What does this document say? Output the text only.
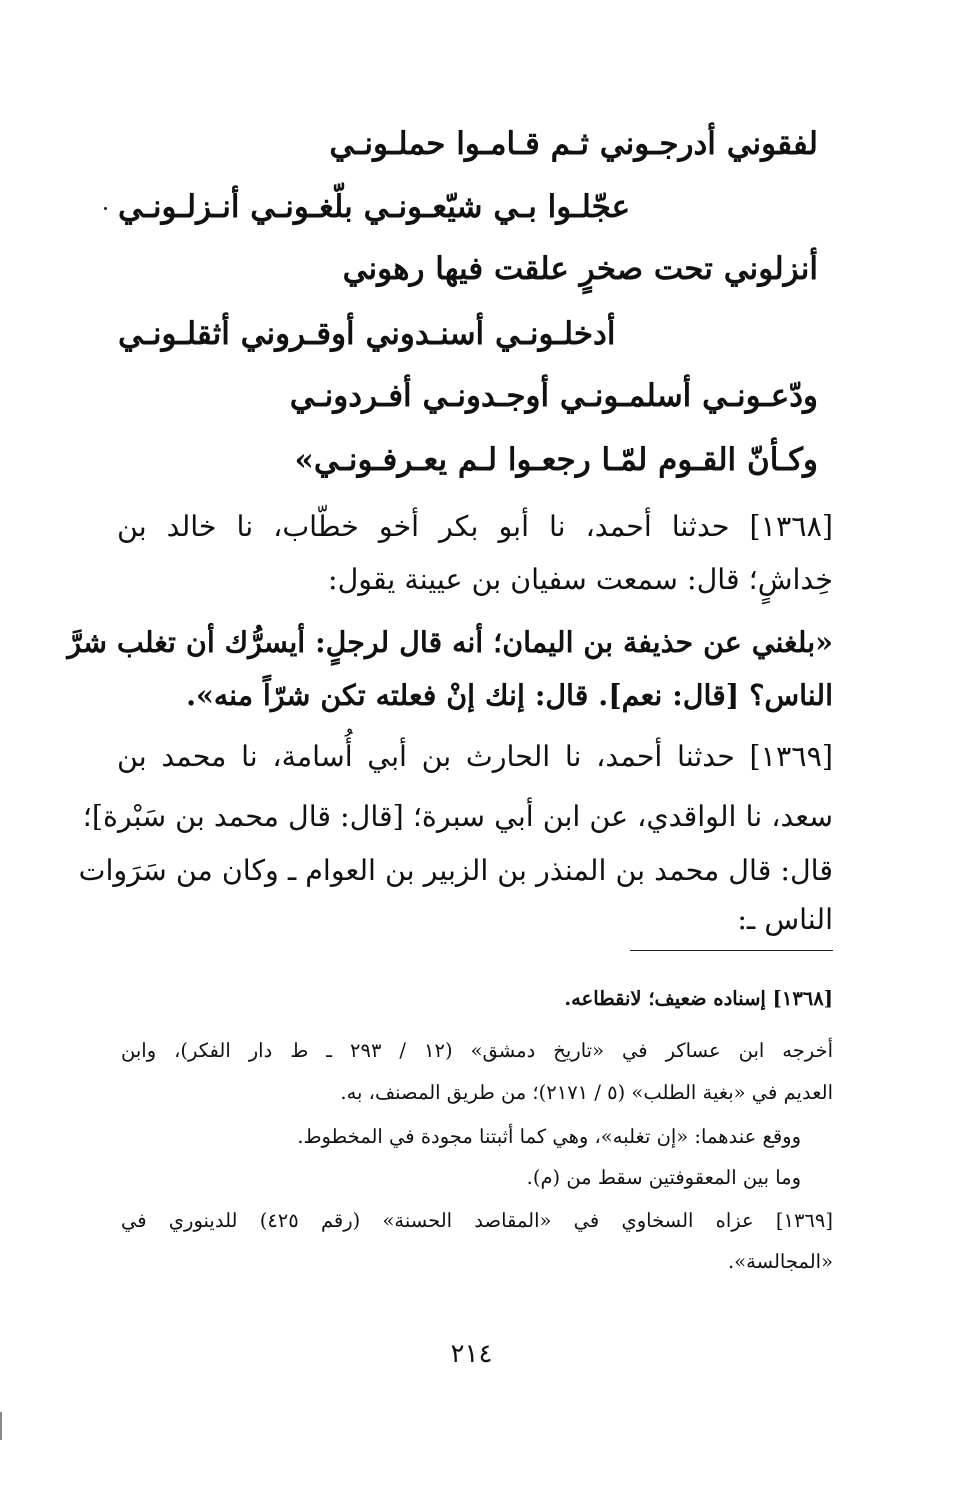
لفقوني أدرجـوني ثـم قـامـوا حملـونـي
عجّلـوا بـي شيّعـونـي بلّغـونـي أنـزلـونـي
أنزلوني تحت صخرٍ علقت فيها رهوني
أدخلـونـي أسنـدوني أوقـروني أثقلـونـي
ودّعـونـي أسلمـونـي أوجـدونـي أفـردونـي
وكـأنّ القـوم لمّـا رجعـوا لـم يعـرفـونـي»
[١٣٦٨] حدثنا أحمد، نا أبو بكر أخو خطّاب، نا خالد بن
خِداشٍ؛ قال: سمعت سفيان بن عيينة يقول:
«بلغني عن حذيفة بن اليمان؛ أنه قال لرجلٍ: أيسرُّك أن تغلب شرَّ
الناس؟ [قال: نعم]. قال: إنك إنْ فعلته تكن شرّاً منه».
[١٣٦٩] حدثنا أحمد، نا الحارث بن أبي أُسامة، نا محمد بن
سعد، نا الواقدي، عن ابن أبي سبرة؛ [قال: قال محمد بن سَبْرة]؛
قال: قال محمد بن المنذر بن الزبير بن العوام ـ وكان من سَرَوات
الناس ـ:
[١٣٦٨] إسناده ضعيف؛ لانقطاعه.
أخرجه ابن عساكر في «تاريخ دمشق» (١٢ / ٢٩٣ ـ ط دار الفكر)، وابن
العديم في «بغية الطلب» (٥ / ٢١٧١)؛ من طريق المصنف، به.
ووقع عندهما: «إن تغلبه»، وهي كما أثبتنا مجودة في المخطوط.
وما بين المعقوفتين سقط من (م).
[١٣٦٩] عزاه السخاوي في «المقاصد الحسنة» (رقم ٤٢٥) للدينوري في
«المجالسة».
٢١٤
